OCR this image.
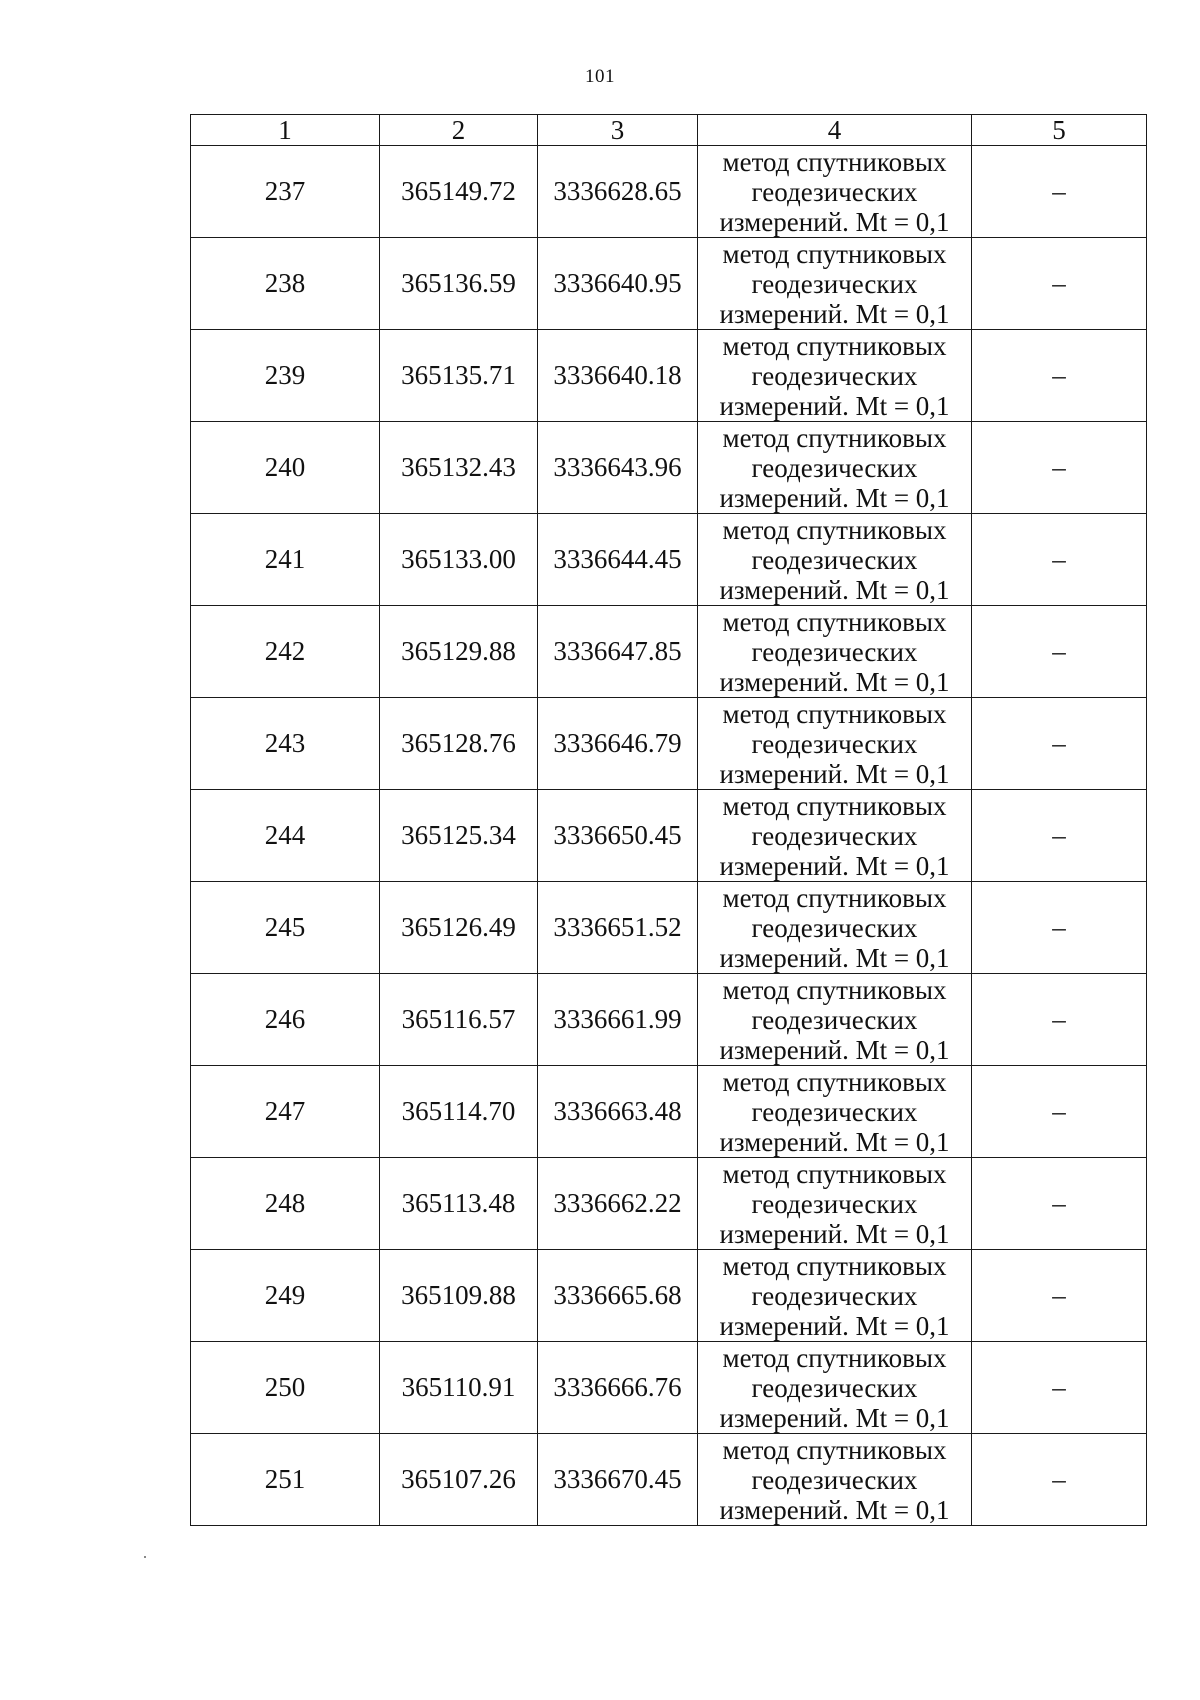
101
1	2	3	4	5
237	365149.72	3336628.65	метод спутниковых
геодезических
измерений. Mt = 0,1	–
238	365136.59	3336640.95	метод спутниковых
геодезических
измерений. Mt = 0,1	–
239	365135.71	3336640.18	метод спутниковых
геодезических
измерений. Mt = 0,1	–
240	365132.43	3336643.96	метод спутниковых
геодезических
измерений. Mt = 0,1	–
241	365133.00	3336644.45	метод спутниковых
геодезических
измерений. Mt = 0,1	–
242	365129.88	3336647.85	метод спутниковых
геодезических
измерений. Mt = 0,1	–
243	365128.76	3336646.79	метод спутниковых
геодезических
измерений. Mt = 0,1	–
244	365125.34	3336650.45	метод спутниковых
геодезических
измерений. Mt = 0,1	–
245	365126.49	3336651.52	метод спутниковых
геодезических
измерений. Mt = 0,1	–
246	365116.57	3336661.99	метод спутниковых
геодезических
измерений. Mt = 0,1	–
247	365114.70	3336663.48	метод спутниковых
геодезических
измерений. Mt = 0,1	–
248	365113.48	3336662.22	метод спутниковых
геодезических
измерений. Mt = 0,1	–
249	365109.88	3336665.68	метод спутниковых
геодезических
измерений. Mt = 0,1	–
250	365110.91	3336666.76	метод спутниковых
геодезических
измерений. Mt = 0,1	–
251	365107.26	3336670.45	метод спутниковых
геодезических
измерений. Mt = 0,1	–
